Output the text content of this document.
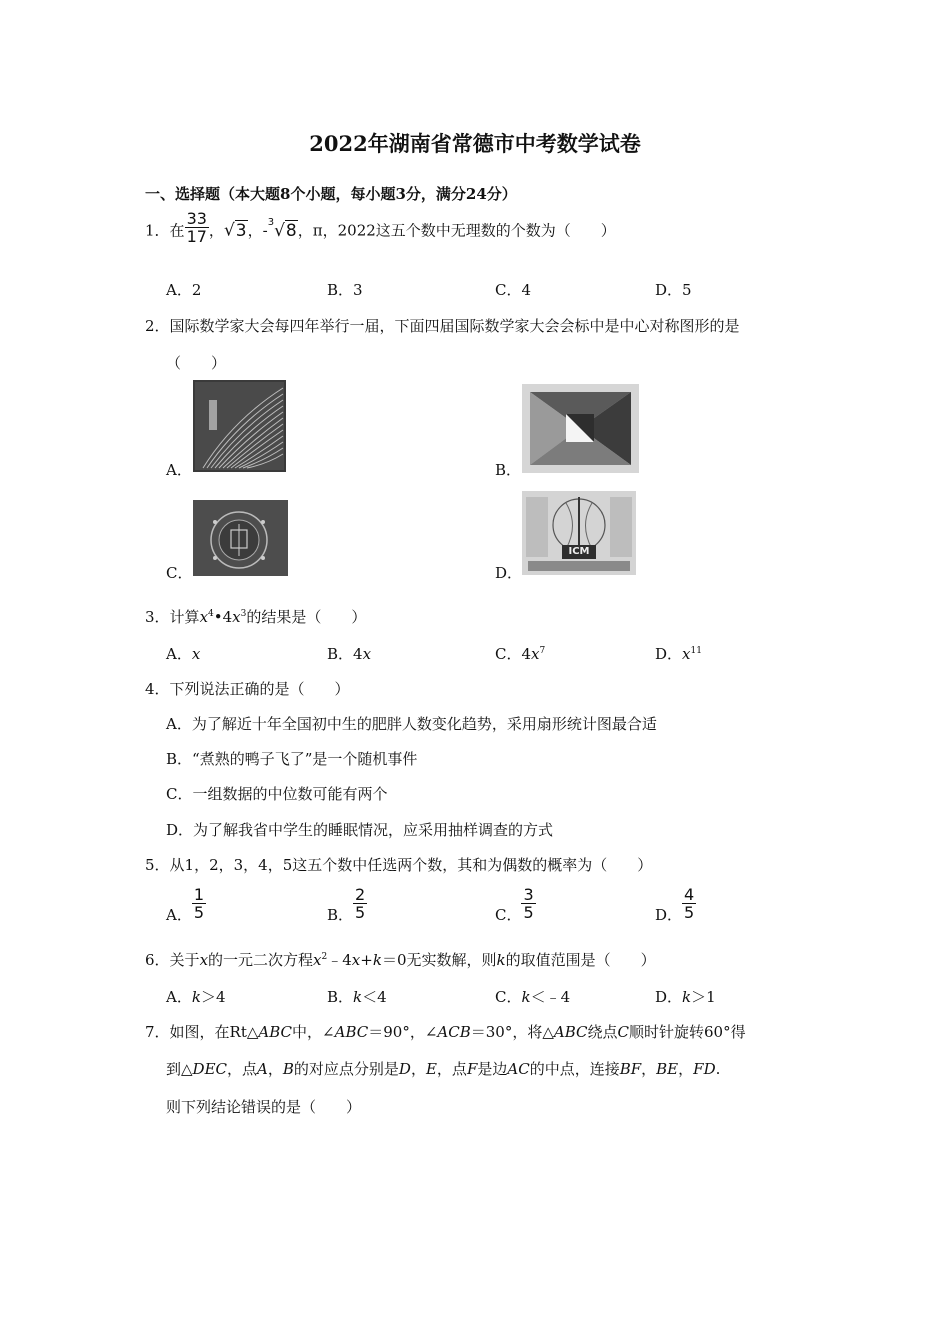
2022年湖南省常德市中考数学试卷
一、选择题（本大题8个小题，每小题3分，满分24分）
1．在 $\frac{33}{17}$ ，√3，-$^3$√8，π，2022这五个数中无理数的个数为（　　）
A．2	B．3	C．4	D．5
2．国际数学家大会每四年举行一届，下面四届国际数学家大会会标中是中心对称图形的是
（　　）
A．	B．
C．	D．
ICM
3．计算$x^4•4x^3$的结果是（　　）
A．x	B．4x	C．$4x^7$	D．$x^{11}$
4．下列说法正确的是（　　）
A．为了解近十年全国初中生的肥胖人数变化趋势，采用扇形统计图最合适
B．“煮熟的鸭子飞了”是一个随机事件
C．一组数据的中位数可能有两个
D．为了解我省中学生的睡眠情况，应采用抽样调查的方式
5．从1，2，3，4，5这五个数中任选两个数，其和为偶数的概率为（　　）
A． $\frac{1}{5}$	B． $\frac{2}{5}$	C． $\frac{3}{5}$	D． $\frac{4}{5}$
6．关于x的一元二次方程$x^2﹣4x+k=0$无实数解，则k的取值范围是（　　）
A．k＞4	B．k＜4	C．k＜﹣4	D．k＞1
7．如图，在Rt△ABC中，∠ABC＝90°，∠ACB＝30°，将△ABC绕点C顺时针旋转60°得
到△DEC，点A，B的对应点分别是D，E，点F是边AC的中点，连接BF，BE，FD.
则下列结论错误的是（　　）
